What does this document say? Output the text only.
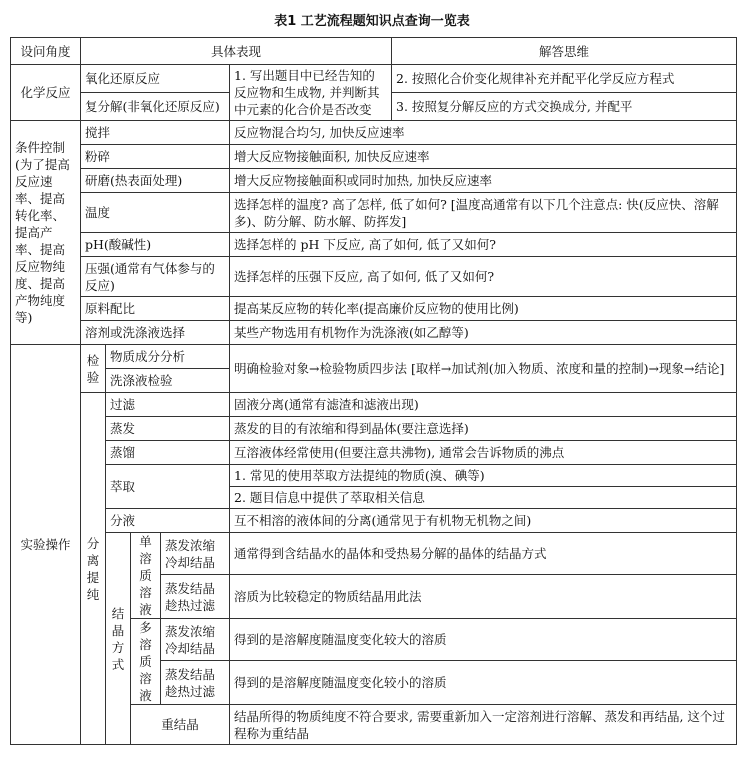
表1 工艺流程题知识点查询一览表
设问角度	具体表现					解答思维
化学反应	氧化还原反应				1. 写出题目中已经告知的反应物和生成物, 并判断其中元素的化合价是否改变	2. 按照化合价变化规律补充并配平化学反应方程式
	复分解(非氧化还原反应)					3. 按照复分解反应的方式交换成分, 并配平
条件控制(为了提高反应速率、提高转化率、提高产率、提高反应物纯度、提高产物纯度等)	搅拌				反应物混合均匀, 加快反应速率	
	粉碎				增大反应物接触面积, 加快反应速率	
	研磨(热表面处理)				增大反应物接触面积或同时加热, 加快反应速率	
	温度				选择怎样的温度? 高了怎样, 低了如何? [温度高通常有以下几个注意点: 快(反应快、溶解多)、防分解、防水解、防挥发]	
	pH(酸碱性)				选择怎样的 pH 下反应, 高了如何, 低了又如何?	
	压强(通常有气体参与的反应)				选择怎样的压强下反应, 高了如何, 低了又如何?	
	原料配比				提高某反应物的转化率(提高廉价反应物的使用比例)	
	溶剂或洗涤液选择				某些产物选用有机物作为洗涤液(如乙醇等)	
实验操作	检验	物质成分分析			明确检验对象→检验物质四步法 [取样→加试剂(加入物质、浓度和量的控制)→现象→结论]	
		洗涤液检验				
	分离提纯	过滤			固液分离(通常有滤渣和滤液出现)	
		蒸发			蒸发的目的有浓缩和得到晶体(要注意选择)	
		蒸馏			互溶液体经常使用(但要注意共沸物), 通常会告诉物质的沸点	
		萃取			1. 常见的使用萃取方法提纯的物质(溴、碘等)	
					2. 题目信息中提供了萃取相关信息	
		分液			互不相溶的液体间的分离(通常见于有机物无机物之间)	
		结晶方式	单溶质溶液	蒸发浓缩冷却结晶	通常得到含结晶水的晶体和受热易分解的晶体的结晶方式	

				蒸发结晶趁热过滤	溶质为比较稳定的物质结晶用此法	

			多溶质溶液	蒸发浓缩冷却结晶	得到的是溶解度随温度变化较大的溶质	

				蒸发结晶趁热过滤	得到的是溶解度随温度变化较小的溶质	

			重结晶		结晶所得的物质纯度不符合要求, 需要重新加入一定溶剂进行溶解、蒸发和再结晶, 这个过程称为重结晶	
